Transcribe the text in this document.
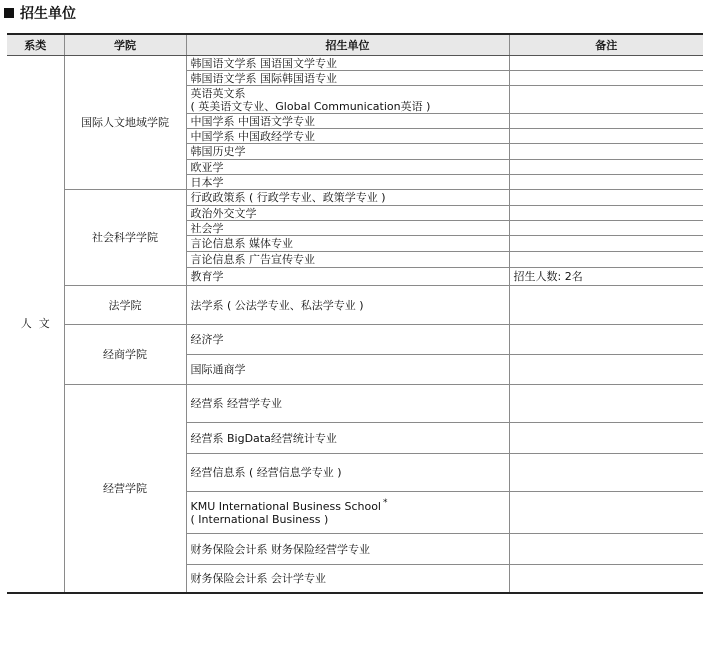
招生单位
系类	学院	招生单位	备注
人  文	国际人文地域学院	韩国语文学系 国语国文学专业	
		韩国语文学系 国际韩国语专业	
		英语英文系
( 英美语文专业、Global Communication英语 )	
		中国学系 中国语文学专业	
		中国学系 中国政经学专业	
		韩国历史学	
		欧亚学	
		日本学	
	社会科学学院	行政政策系 ( 行政学专业、政策学专业 )	
		政治外交文学	
		社会学	
		言论信息系 媒体专业	
		言论信息系 广告宣传专业	
		教育学	招生人数: 2名
	法学院	法学系 ( 公法学专业、私法学专业 )	
	经商学院	经济学	
		国际通商学	
	经营学院	经营系 经营学专业	
		经营系 BigData经营统计专业	
		经营信息系 ( 经营信息学专业 )	
		KMU International Business School *
( International Business )	
		财务保险会计系 财务保险经营学专业	
		财务保险会计系 会计学专业	
